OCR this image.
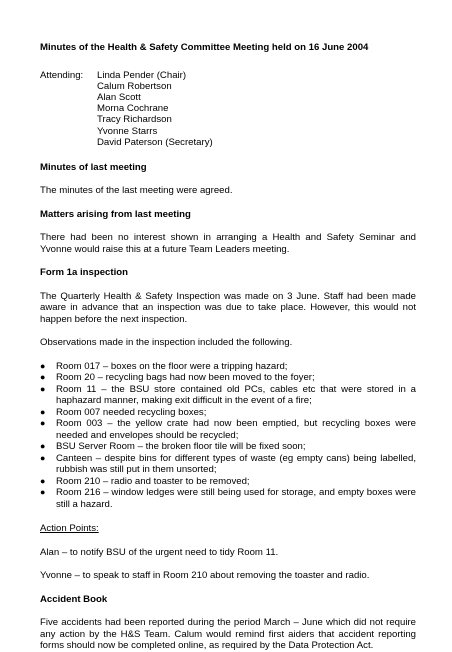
Minutes of the Health & Safety Committee Meeting held on 16 June 2004
Attending:	Linda Pender (Chair)
Calum Robertson
Alan Scott
Morna Cochrane
Tracy Richardson
Yvonne Starrs
David Paterson (Secretary)
Minutes of last meeting

The minutes of the last meeting were agreed.

Matters arising from last meeting

There had been no interest shown in arranging a Health and Safety Seminar and Yvonne would raise this at a future Team Leaders meeting.

Form 1a inspection

The Quarterly Health & Safety Inspection was made on 3 June. Staff had been made aware in advance that an inspection was due to take place. However, this would not happen before the next inspection.

Observations made in the inspection included the following.

●	Room 017 – boxes on the floor were a tripping hazard;
●	Room 20 – recycling bags had now been moved to the foyer;
●	Room 11 – the BSU store contained old PCs, cables etc that were stored in a haphazard manner, making exit difficult in the event of a fire;
●	Room 007 needed recycling boxes;
●	Room 003 – the yellow crate had now been emptied, but recycling boxes were needed and envelopes should be recycled;
●	BSU Server Room – the broken floor tile will be fixed soon;
●	Canteen – despite bins for different types of waste (eg empty cans) being labelled, rubbish was still put in them unsorted;
●	Room 210 – radio and toaster to be removed;
●	Room 216 – window ledges were still being used for storage, and empty boxes were still a hazard.
Action Points:

Alan – to notify BSU of the urgent need to tidy Room 11.

Yvonne – to speak to staff in Room 210 about removing the toaster and radio.

Accident Book

Five accidents had been reported during the period March – June which did not require any action by the H&S Team. Calum would remind first aiders that accident reporting forms should now be completed online, as required by the Data Protection Act.
